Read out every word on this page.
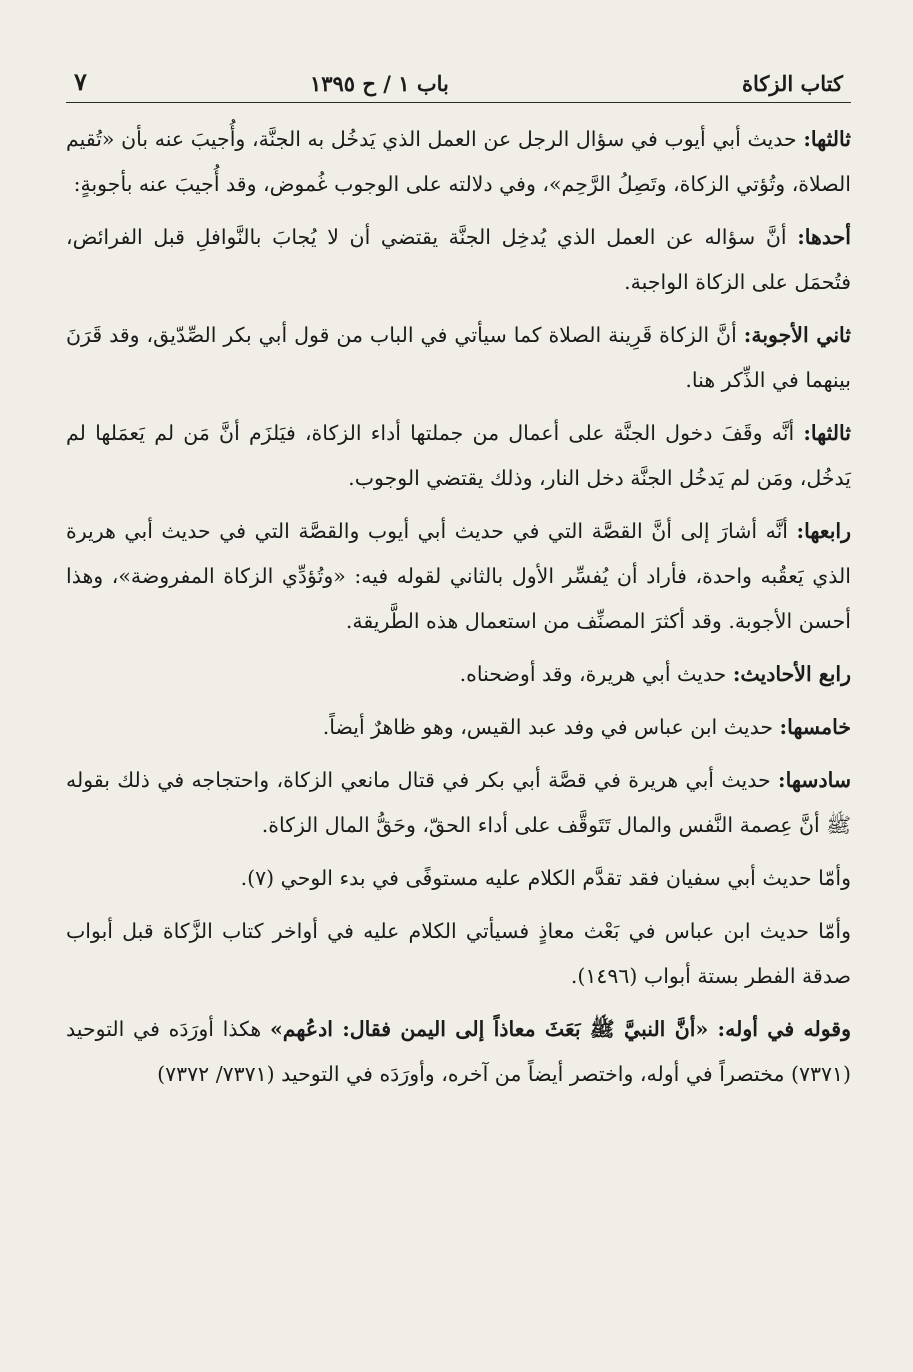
كتاب الزكاة
باب ١ / ح ١٣٩٥
٧

ثالثها: حديث أبي أيوب في سؤال الرجل عن العمل الذي يَدخُل به الجنَّة، وأُجيبَ عنه بأن «تُقيم الصلاة، وتُؤتي الزكاة، وتَصِلُ الرَّحِم»، وفي دلالته على الوجوب غُموض، وقد أُجيبَ عنه بأجوبةٍ:

أحدها: أنَّ سؤاله عن العمل الذي يُدخِل الجنَّة يقتضي أن لا يُجابَ بالنَّوافلِ قبل الفرائض، فتُحمَل على الزكاة الواجبة.

ثاني الأجوبة: أنَّ الزكاة قَرِينة الصلاة كما سيأتي في الباب من قول أبي بكر الصِّدّيق، وقد قَرَنَ بينهما في الذِّكر هنا.

ثالثها: أنَّه وقَفَ دخول الجنَّة على أعمال من جملتها أداء الزكاة، فيَلزَم أنَّ مَن لم يَعمَلها لم يَدخُل، ومَن لم يَدخُل الجنَّة دخل النار، وذلك يقتضي الوجوب.

رابعها: أنَّه أشارَ إلى أنَّ القصَّة التي في حديث أبي أيوب والقصَّة التي في حديث أبي هريرة الذي يَعقُبه واحدة، فأراد أن يُفسِّر الأول بالثاني لقوله فيه: «وتُؤدِّي الزكاة المفروضة»، وهذا أحسن الأجوبة. وقد أكثرَ المصنِّف من استعمال هذه الطَّريقة.

رابع الأحاديث: حديث أبي هريرة، وقد أوضحناه.

خامسها: حديث ابن عباس في وفد عبد القيس، وهو ظاهرٌ أيضاً.

سادسها: حديث أبي هريرة في قصَّة أبي بكر في قتال مانعي الزكاة، واحتجاجه في ذلك بقوله ﷺ أنَّ عِصمة النَّفس والمال تَتَوقَّف على أداء الحقّ، وحَقُّ المال الزكاة.

وأمّا حديث أبي سفيان فقد تقدَّم الكلام عليه مستوفًى في بدء الوحي (٧).

وأمّا حديث ابن عباس في بَعْث معاذٍ فسيأتي الكلام عليه في أواخر كتاب الزَّكاة قبل أبواب صدقة الفطر بستة أبواب (١٤٩٦).

وقوله في أوله: «أنَّ النبيَّ ﷺ بَعَثَ معاذاً إلى اليمن فقال: ادعُهم» هكذا أورَدَه في التوحيد (٧٣٧١) مختصراً في أوله، واختصر أيضاً من آخره، وأورَدَه في التوحيد (٧٣٧١/ ٧٣٧٢)
